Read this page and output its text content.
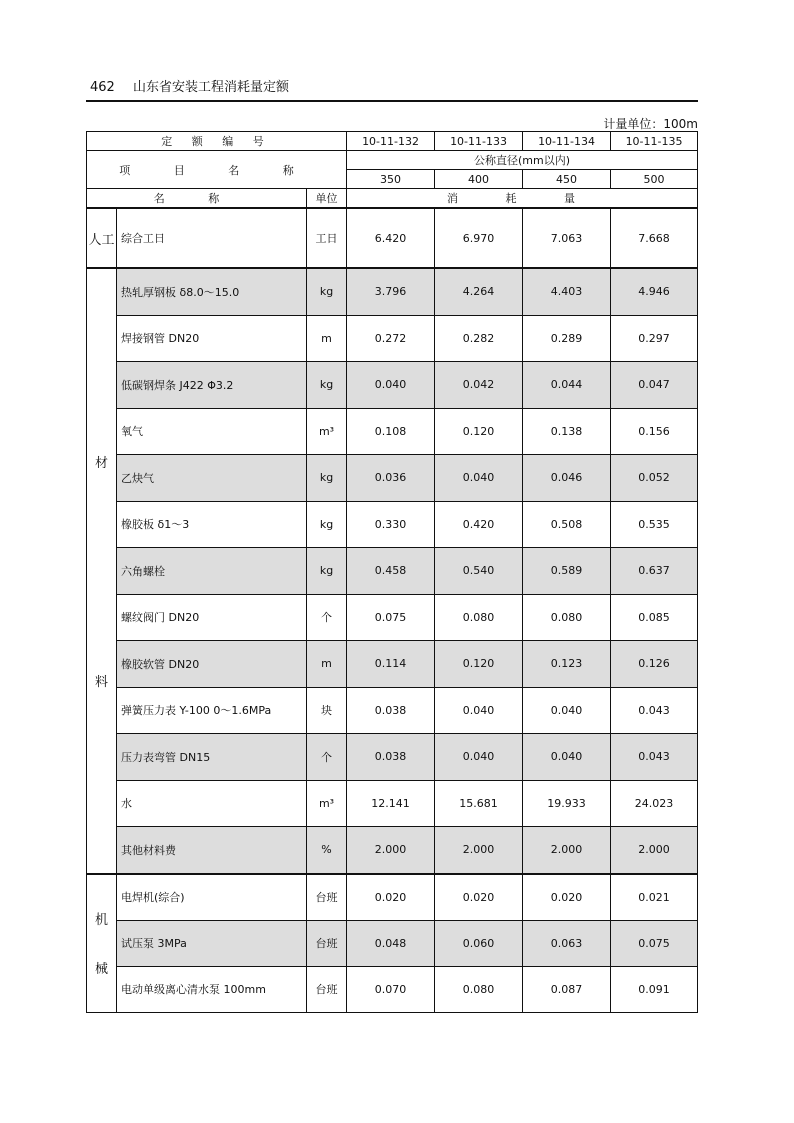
462 山东省安装工程消耗量定额
计量单位：100m
定 额 编 号			10-11-132	10-11-133	10-11-134	10-11-135
项 目 名 称			公称直径(mm以内)			
			350	400	450	500
名 称		单位	消 耗 量			

人工	综合工日	工日	6.420	6.970	7.063	7.668

材
料	热轧厚钢板 δ8.0～15.0	kg	3.796	4.264	4.403	4.946
	焊接钢管 DN20	m	0.272	0.282	0.289	0.297
	低碳钢焊条 J422 Φ3.2	kg	0.040	0.042	0.044	0.047
	氧气	m³	0.108	0.120	0.138	0.156
	乙炔气	kg	0.036	0.040	0.046	0.052
	橡胶板 δ1～3	kg	0.330	0.420	0.508	0.535
	六角螺栓	kg	0.458	0.540	0.589	0.637
	螺纹阀门 DN20	个	0.075	0.080	0.080	0.085
	橡胶软管 DN20	m	0.114	0.120	0.123	0.126
	弹簧压力表 Y-100 0～1.6MPa	块	0.038	0.040	0.040	0.043
	压力表弯管 DN15	个	0.038	0.040	0.040	0.043
	水	m³	12.141	15.681	19.933	24.023
	其他材料费	%	2.000	2.000	2.000	2.000

机
械	电焊机(综合)	台班	0.020	0.020	0.020	0.021
	试压泵 3MPa	台班	0.048	0.060	0.063	0.075
	电动单级离心清水泵 100mm	台班	0.070	0.080	0.087	0.091
